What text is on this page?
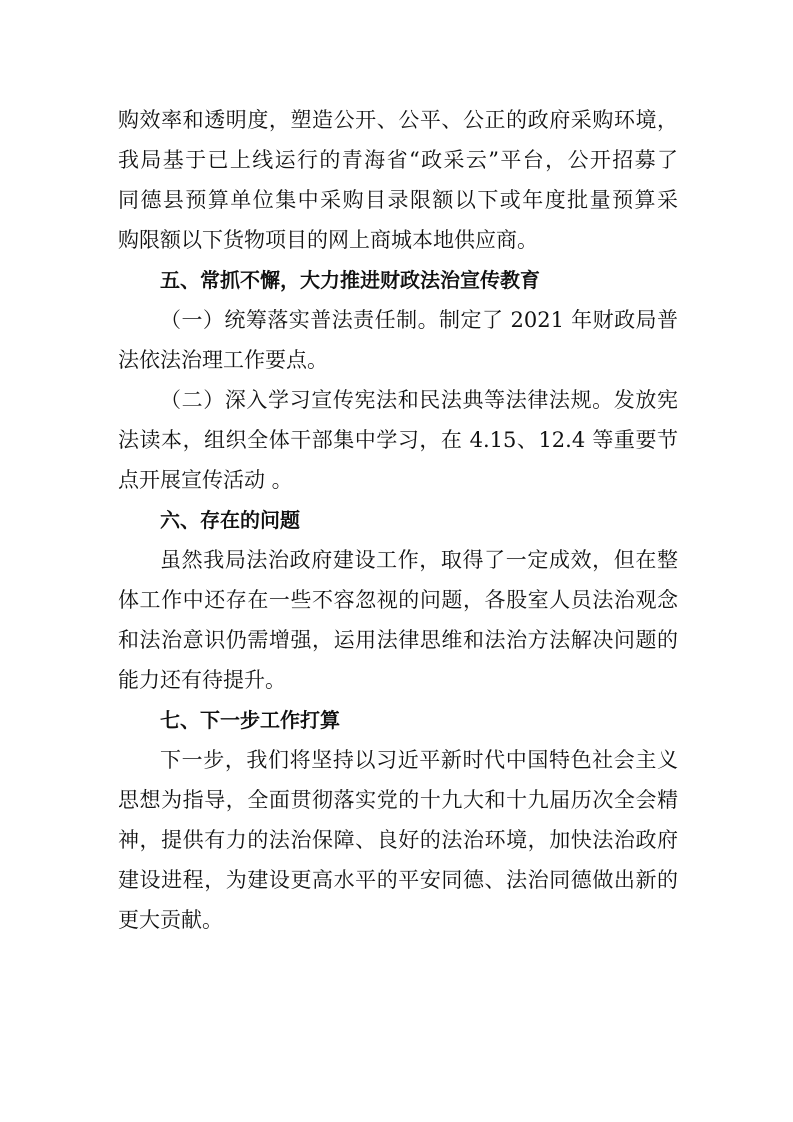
购效率和透明度，塑造公开、公平、公正的政府采购环境，
我局基于已上线运行的青海省“政采云”平台，公开招募了
同德县预算单位集中采购目录限额以下或年度批量预算采
购限额以下货物项目的网上商城本地供应商。
五、常抓不懈，大力推进财政法治宣传教育
（一）统筹落实普法责任制。制定了 2021 年财政局普
法依法治理工作要点。
（二）深入学习宣传宪法和民法典等法律法规。发放宪
法读本，组织全体干部集中学习，在 4.15、12.4 等重要节
点开展宣传活动 。
六、存在的问题
虽然我局法治政府建设工作，取得了一定成效，但在整
体工作中还存在一些不容忽视的问题，各股室人员法治观念
和法治意识仍需增强，运用法律思维和法治方法解决问题的
能力还有待提升。
七、下一步工作打算
下一步，我们将坚持以习近平新时代中国特色社会主义
思想为指导，全面贯彻落实党的十九大和十九届历次全会精
神，提供有力的法治保障、良好的法治环境，加快法治政府
建设进程，为建设更高水平的平安同德、法治同德做出新的
更大贡献。
